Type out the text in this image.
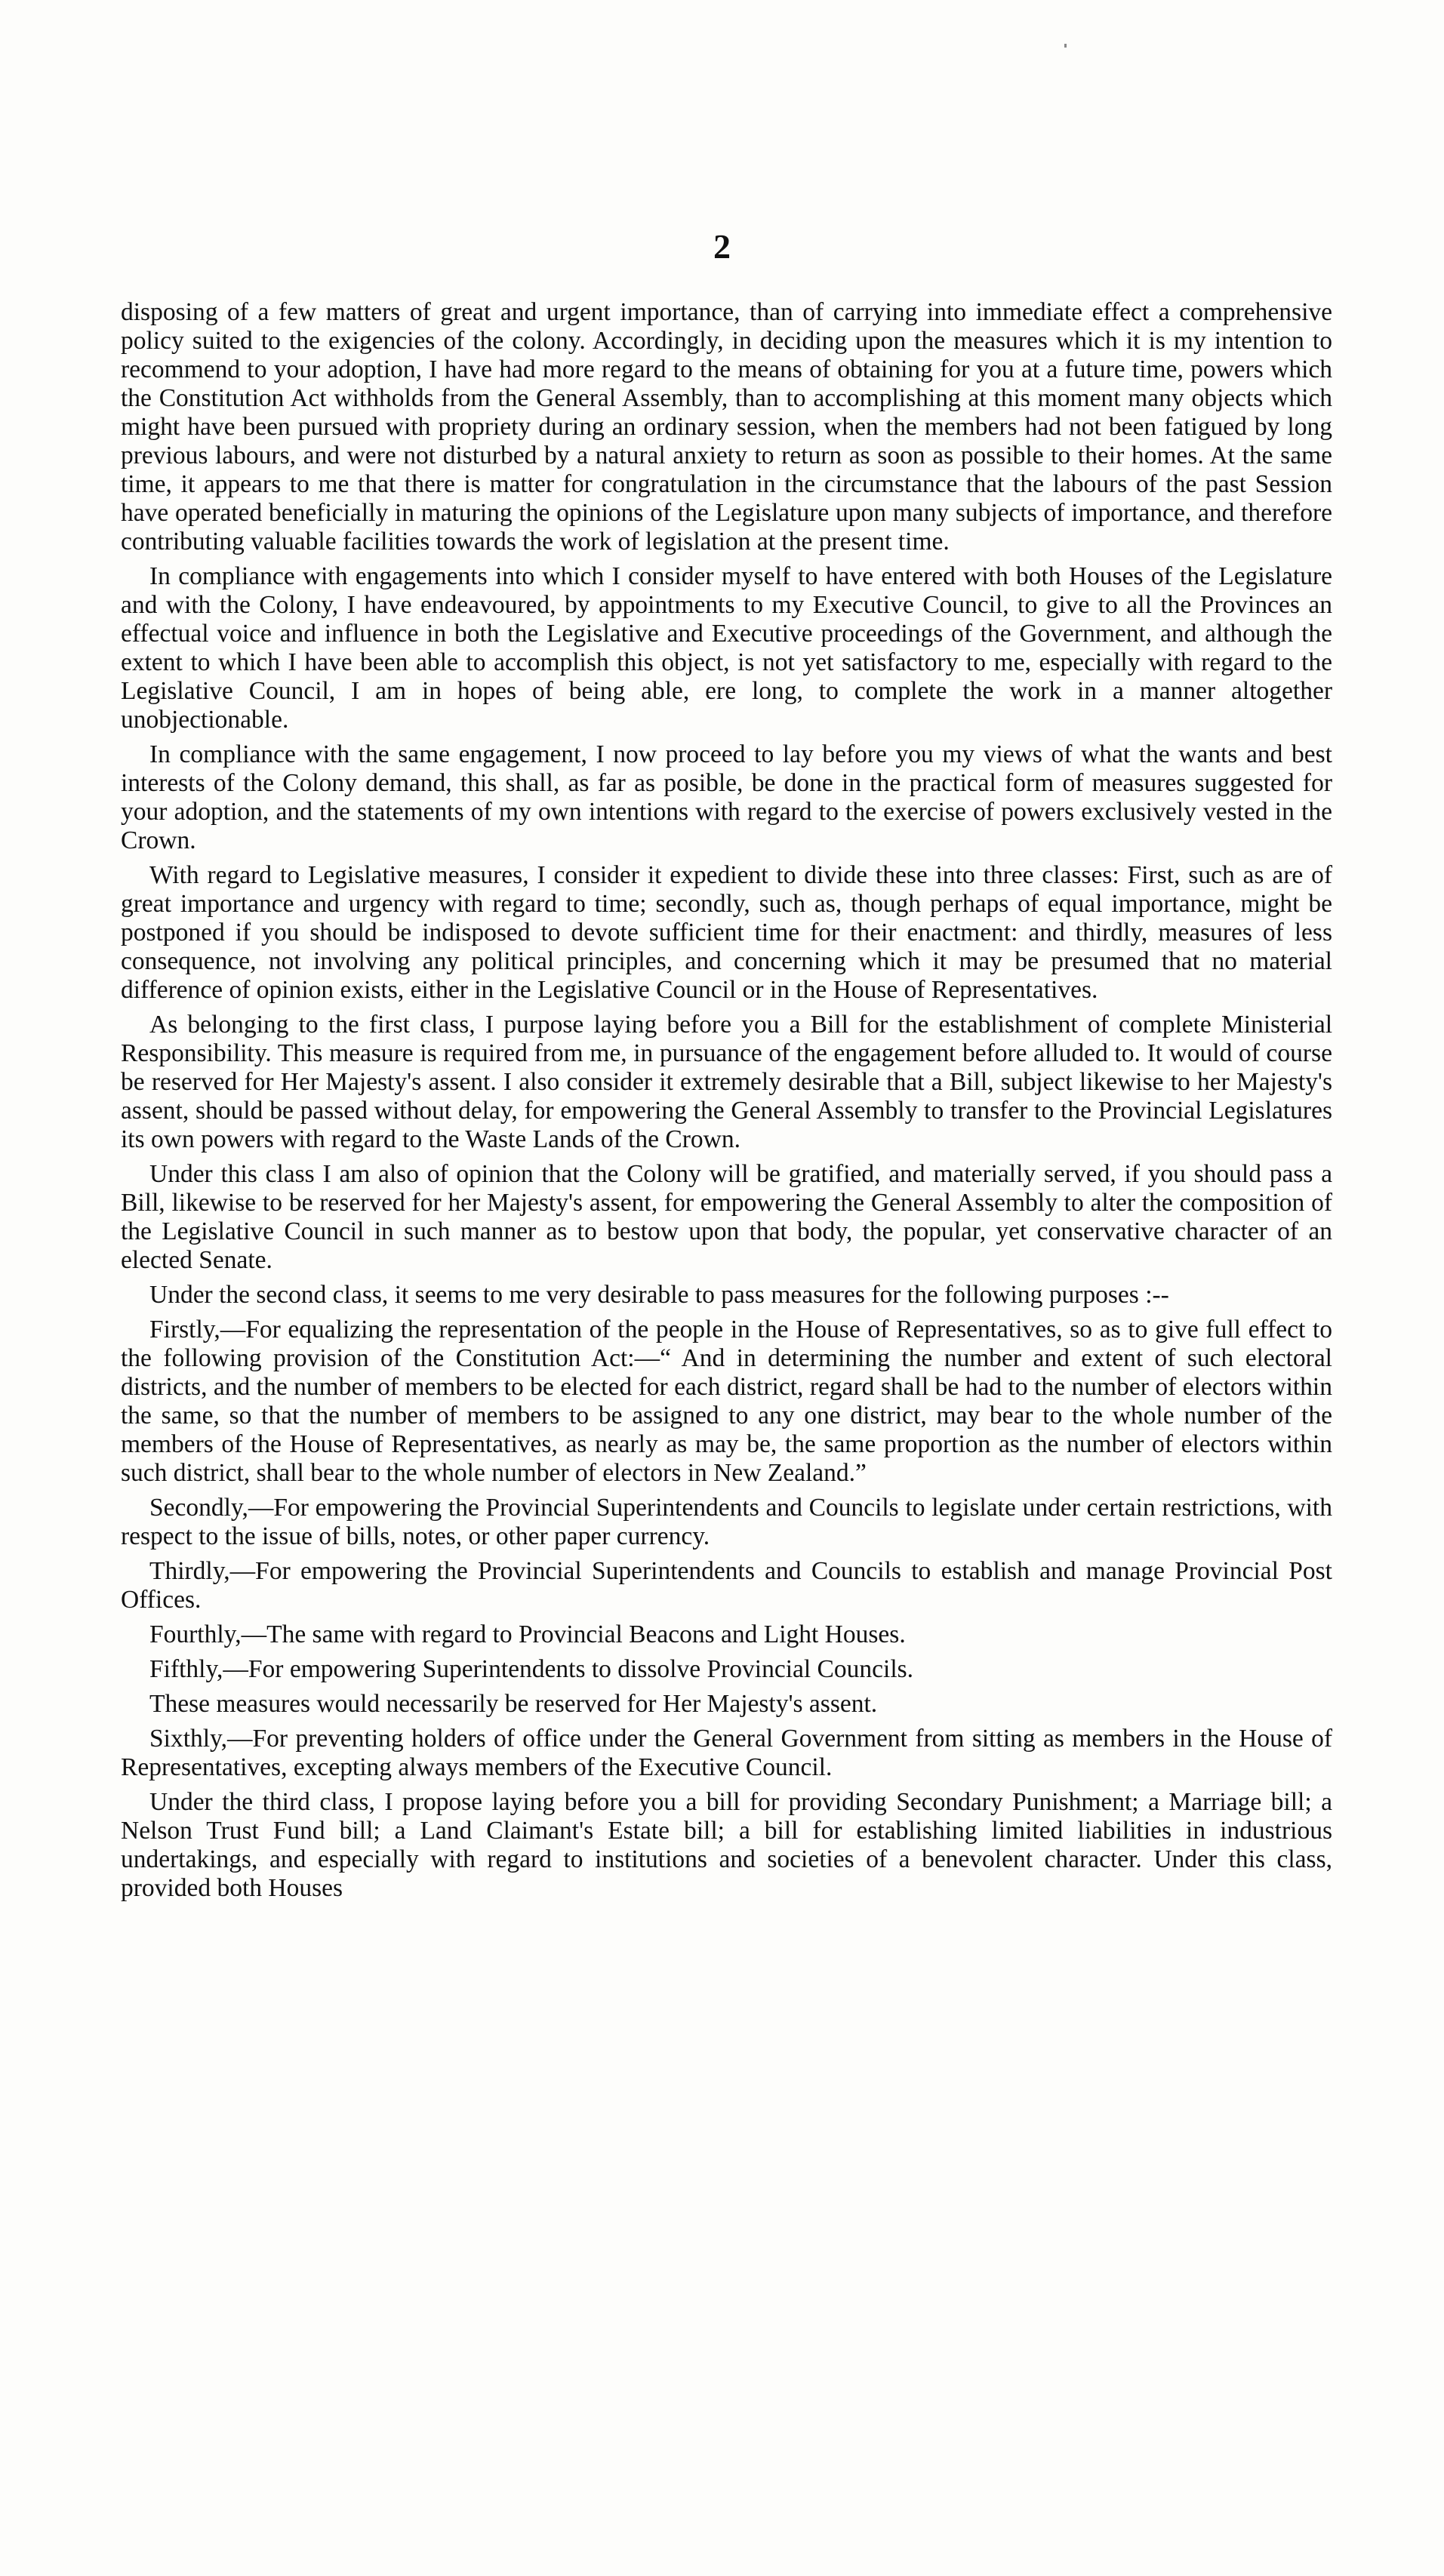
2

disposing of a few matters of great and urgent importance, than of carrying into immediate effect a comprehensive policy suited to the exigencies of the colony. Accordingly, in deciding upon the measures which it is my intention to recommend to your adoption, I have had more regard to the means of obtaining for you at a future time, powers which the Constitution Act withholds from the General Assembly, than to accomplishing at this moment many objects which might have been pursued with propriety during an ordinary session, when the members had not been fatigued by long previous labours, and were not disturbed by a natural anxiety to return as soon as possible to their homes. At the same time, it appears to me that there is matter for congratulation in the circumstance that the labours of the past Session have operated beneficially in maturing the opinions of the Legislature upon many subjects of importance, and therefore contributing valuable facilities towards the work of legislation at the present time.

In compliance with engagements into which I consider myself to have entered with both Houses of the Legislature and with the Colony, I have endeavoured, by appointments to my Executive Council, to give to all the Provinces an effectual voice and influence in both the Legislative and Executive proceedings of the Government, and although the extent to which I have been able to accomplish this object, is not yet satisfactory to me, especially with regard to the Legislative Council, I am in hopes of being able, ere long, to complete the work in a manner altogether unobjectionable.

In compliance with the same engagement, I now proceed to lay before you my views of what the wants and best interests of the Colony demand, this shall, as far as posible, be done in the practical form of measures suggested for your adoption, and the statements of my own intentions with regard to the exercise of powers exclusively vested in the Crown.

With regard to Legislative measures, I consider it expedient to divide these into three classes: First, such as are of great importance and urgency with regard to time; secondly, such as, though perhaps of equal importance, might be postponed if you should be indisposed to devote sufficient time for their enactment: and thirdly, measures of less consequence, not involving any political principles, and concerning which it may be presumed that no material difference of opinion exists, either in the Legislative Council or in the House of Representatives.

As belonging to the first class, I purpose laying before you a Bill for the establishment of complete Ministerial Responsibility. This measure is required from me, in pursuance of the engagement before alluded to. It would of course be reserved for Her Majesty's assent. I also consider it extremely desirable that a Bill, subject likewise to her Majesty's assent, should be passed without delay, for empowering the General Assembly to transfer to the Provincial Legislatures its own powers with regard to the Waste Lands of the Crown.

Under this class I am also of opinion that the Colony will be gratified, and materially served, if you should pass a Bill, likewise to be reserved for her Majesty's assent, for empowering the General Assembly to alter the composition of the Legislative Council in such manner as to bestow upon that body, the popular, yet conservative character of an elected Senate.

Under the second class, it seems to me very desirable to pass measures for the following purposes :--

Firstly,—For equalizing the representation of the people in the House of Representatives, so as to give full effect to the following provision of the Constitution Act:—“ And in determining the number and extent of such electoral districts, and the number of members to be elected for each district, regard shall be had to the number of electors within the same, so that the number of members to be assigned to any one district, may bear to the whole number of the members of the House of Representatives, as nearly as may be, the same proportion as the number of electors within such district, shall bear to the whole number of electors in New Zealand.”

Secondly,—For empowering the Provincial Superintendents and Councils to legislate under certain restrictions, with respect to the issue of bills, notes, or other paper currency.

Thirdly,—For empowering the Provincial Superintendents and Councils to establish and manage Provincial Post Offices.

Fourthly,—The same with regard to Provincial Beacons and Light Houses.

Fifthly,—For empowering Superintendents to dissolve Provincial Councils.

These measures would necessarily be reserved for Her Majesty's assent.

Sixthly,—For preventing holders of office under the General Government from sitting as members in the House of Representatives, excepting always members of the Executive Council.

Under the third class, I propose laying before you a bill for providing Secondary Punishment; a Marriage bill; a Nelson Trust Fund bill; a Land Claimant's Estate bill; a bill for establishing limited liabilities in industrious undertakings, and especially with regard to institutions and societies of a benevolent character. Under this class, provided both Houses
